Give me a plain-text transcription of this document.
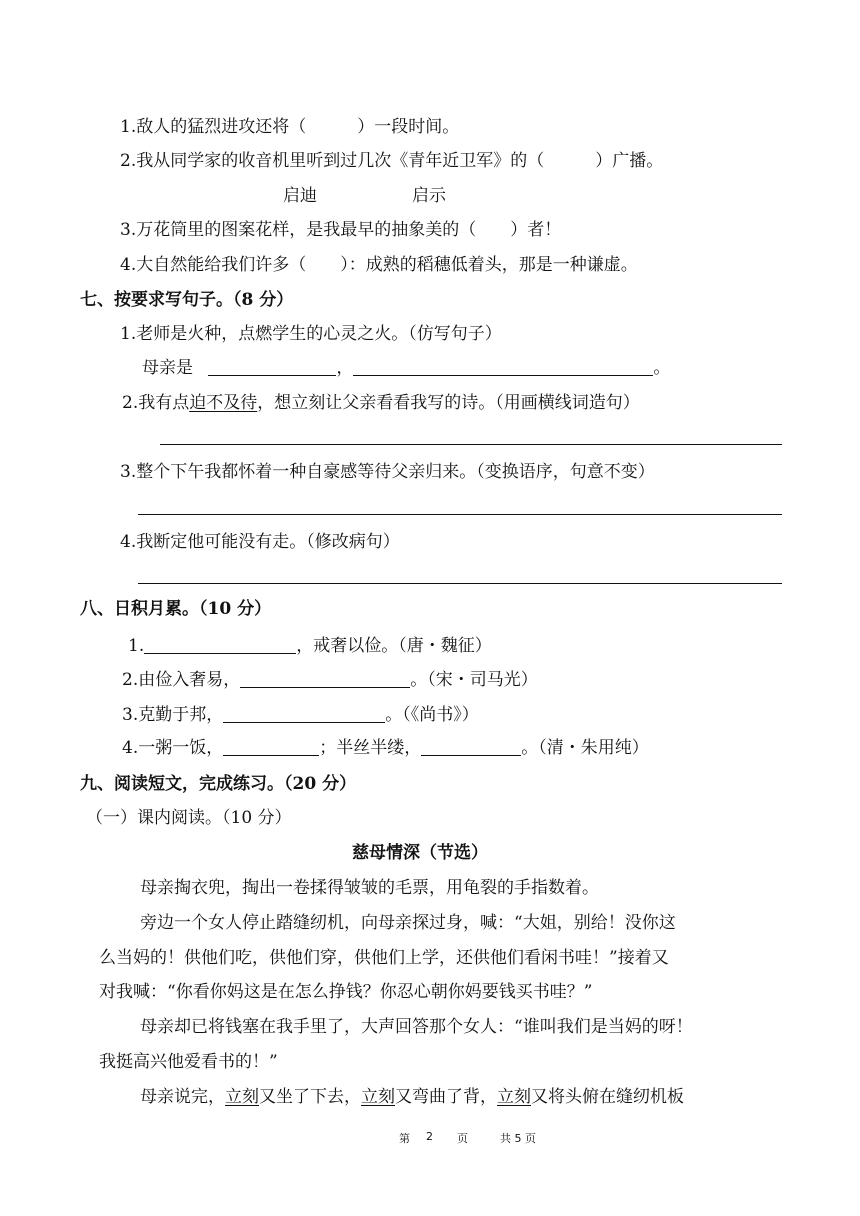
1.敌人的猛烈进攻还将（　　　）一段时间。
2.我从同学家的收音机里听到过几次《青年近卫军》的（　　　）广播。
启迪	启示
3.万花筒里的图案花样，是我最早的抽象美的（　　）者！
4.大自然能给我们许多（　　）：成熟的稻穗低着头，那是一种谦虚。
七、按要求写句子。（8 分）
1.老师是火种，点燃学生的心灵之火。（仿写句子）
母亲是	，	。
2.我有点迫不及待，想立刻让父亲看看我写的诗。（用画横线词造句）
3.整个下午我都怀着一种自豪感等待父亲归来。（变换语序，句意不变）
4.我断定他可能没有走。（修改病句）
八、日积月累。（10 分）
1.	，戒奢以俭。（唐・魏征）
2.由俭入奢易，	。（宋・司马光）
3.克勤于邦，	。（《尚书》）
4.一粥一饭，	；半丝半缕，	。（清・朱用纯）
九、阅读短文，完成练习。（20 分）
（一）课内阅读。（10 分）
慈母情深（节选）
母亲掏衣兜，掏出一卷揉得皱皱的毛票，用龟裂的手指数着。
旁边一个女人停止踏缝纫机，向母亲探过身，喊：“大姐，别给！没你这
么当妈的！供他们吃，供他们穿，供他们上学，还供他们看闲书哇！”接着又
对我喊：“你看你妈这是在怎么挣钱？你忍心朝你妈要钱买书哇？”
母亲却已将钱塞在我手里了，大声回答那个女人：“谁叫我们是当妈的呀！
我挺高兴他爱看书的！”
母亲说完，立刻又坐了下去，立刻又弯曲了背，立刻又将头俯在缝纫机板
第 2 页	共 5 页
